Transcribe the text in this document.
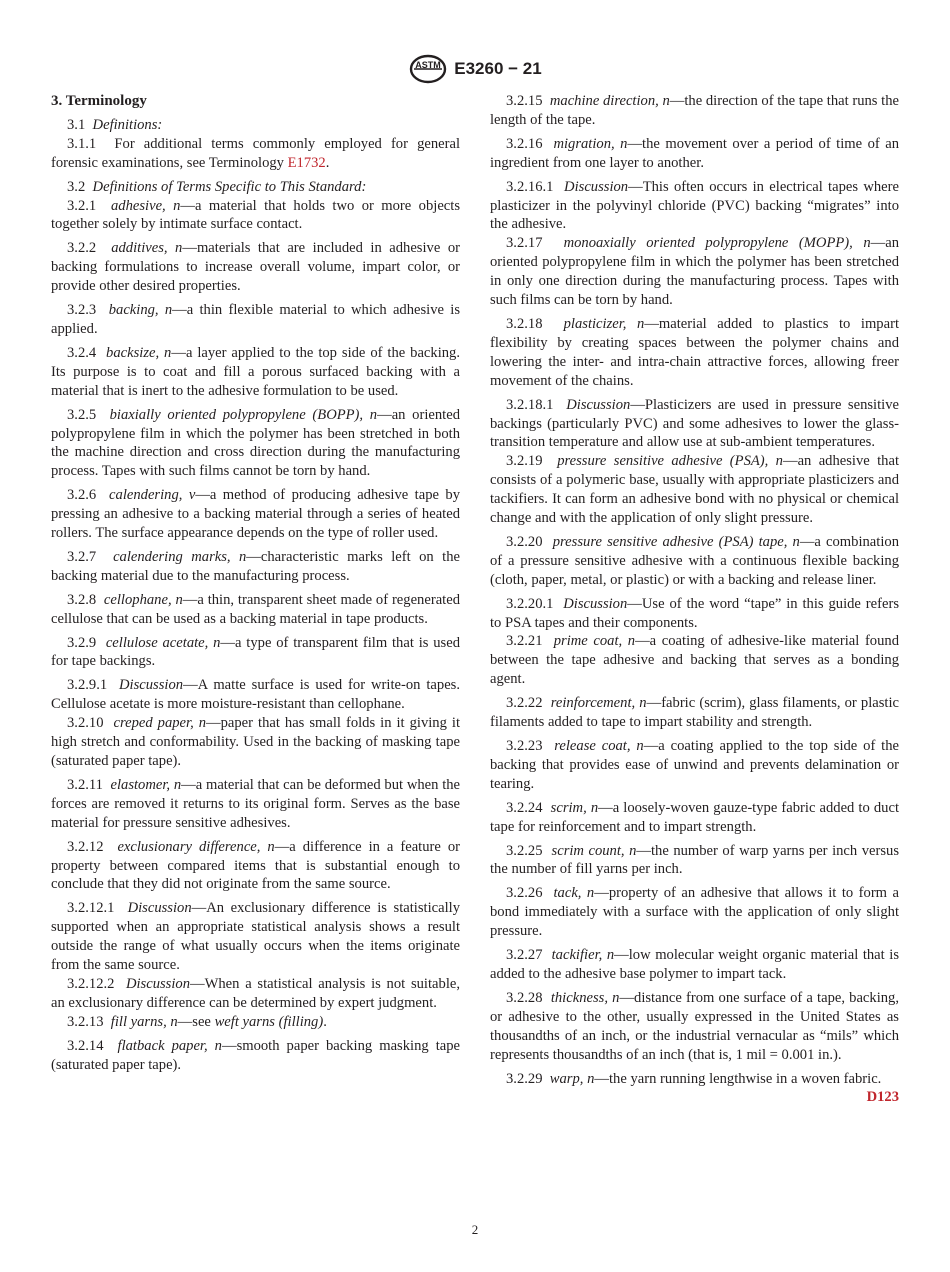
ASTM E3260 − 21

3. Terminology

3.1 Definitions:

3.1.1 For additional terms commonly employed for general forensic examinations, see Terminology E1732.

3.2 Definitions of Terms Specific to This Standard:

3.2.1 adhesive, n—a material that holds two or more objects together solely by intimate surface contact.

3.2.2 additives, n—materials that are included in adhesive or backing formulations to increase overall volume, impart color, or provide other desired properties.

3.2.3 backing, n—a thin flexible material to which adhesive is applied.

3.2.4 backsize, n—a layer applied to the top side of the backing. Its purpose is to coat and fill a porous surfaced backing with a material that is inert to the adhesive formulation to be used.

3.2.5 biaxially oriented polypropylene (BOPP), n—an oriented polypropylene film in which the polymer has been stretched in both the machine direction and cross direction during the manufacturing process. Tapes with such films cannot be torn by hand.

3.2.6 calendering, v—a method of producing adhesive tape by pressing an adhesive to a backing material through a series of heated rollers. The surface appearance depends on the type of roller used.

3.2.7 calendering marks, n—characteristic marks left on the backing material due to the manufacturing process.

3.2.8 cellophane, n—a thin, transparent sheet made of regenerated cellulose that can be used as a backing material in tape products.

3.2.9 cellulose acetate, n—a type of transparent film that is used for tape backings.

3.2.9.1 Discussion—A matte surface is used for write-on tapes. Cellulose acetate is more moisture-resistant than cellophane.

3.2.10 creped paper, n—paper that has small folds in it giving it high stretch and conformability. Used in the backing of masking tape (saturated paper tape).

3.2.11 elastomer, n—a material that can be deformed but when the forces are removed it returns to its original form. Serves as the base material for pressure sensitive adhesives.

3.2.12 exclusionary difference, n—a difference in a feature or property between compared items that is substantial enough to conclude that they did not originate from the same source.

3.2.12.1 Discussion—An exclusionary difference is statistically supported when an appropriate statistical analysis shows a result outside the range of what usually occurs when the items originate from the same source.

3.2.12.2 Discussion—When a statistical analysis is not suitable, an exclusionary difference can be determined by expert judgment.

3.2.13 fill yarns, n—see weft yarns (filling).

3.2.14 flatback paper, n—smooth paper backing masking tape (saturated paper tape).

3.2.15 machine direction, n—the direction of the tape that runs the length of the tape.

3.2.16 migration, n—the movement over a period of time of an ingredient from one layer to another.

3.2.16.1 Discussion—This often occurs in electrical tapes where plasticizer in the polyvinyl chloride (PVC) backing “migrates” into the adhesive.

3.2.17 monoaxially oriented polypropylene (MOPP), n—an oriented polypropylene film in which the polymer has been stretched in only one direction during the manufacturing process. Tapes with such films can be torn by hand.

3.2.18 plasticizer, n—material added to plastics to impart flexibility by creating spaces between the polymer chains and lowering the inter- and intra-chain attractive forces, allowing freer movement of the chains.

3.2.18.1 Discussion—Plasticizers are used in pressure sensitive backings (particularly PVC) and some adhesives to lower the glass-transition temperature and allow use at sub-ambient temperatures.

3.2.19 pressure sensitive adhesive (PSA), n—an adhesive that consists of a polymeric base, usually with appropriate plasticizers and tackifiers. It can form an adhesive bond with no physical or chemical change and with the application of only slight pressure.

3.2.20 pressure sensitive adhesive (PSA) tape, n—a combination of a pressure sensitive adhesive with a continuous flexible backing (cloth, paper, metal, or plastic) or with a backing and release liner.

3.2.20.1 Discussion—Use of the word “tape” in this guide refers to PSA tapes and their components.

3.2.21 prime coat, n—a coating of adhesive-like material found between the tape adhesive and backing that serves as a bonding agent.

3.2.22 reinforcement, n—fabric (scrim), glass filaments, or plastic filaments added to tape to impart stability and strength.

3.2.23 release coat, n—a coating applied to the top side of the backing that provides ease of unwind and prevents delamination or tearing.

3.2.24 scrim, n—a loosely-woven gauze-type fabric added to duct tape for reinforcement and to impart strength.

3.2.25 scrim count, n—the number of warp yarns per inch versus the number of fill yarns per inch.

3.2.26 tack, n—property of an adhesive that allows it to form a bond immediately with a surface with the application of only slight pressure.

3.2.27 tackifier, n—low molecular weight organic material that is added to the adhesive base polymer to impart tack.

3.2.28 thickness, n—distance from one surface of a tape, backing, or adhesive to the other, usually expressed in the United States as thousandths of an inch, or the industrial vernacular as “mils” which represents thousandths of an inch (that is, 1 mil = 0.001 in.).

3.2.29 warp, n—the yarn running lengthwise in a woven fabric.
D123

2
